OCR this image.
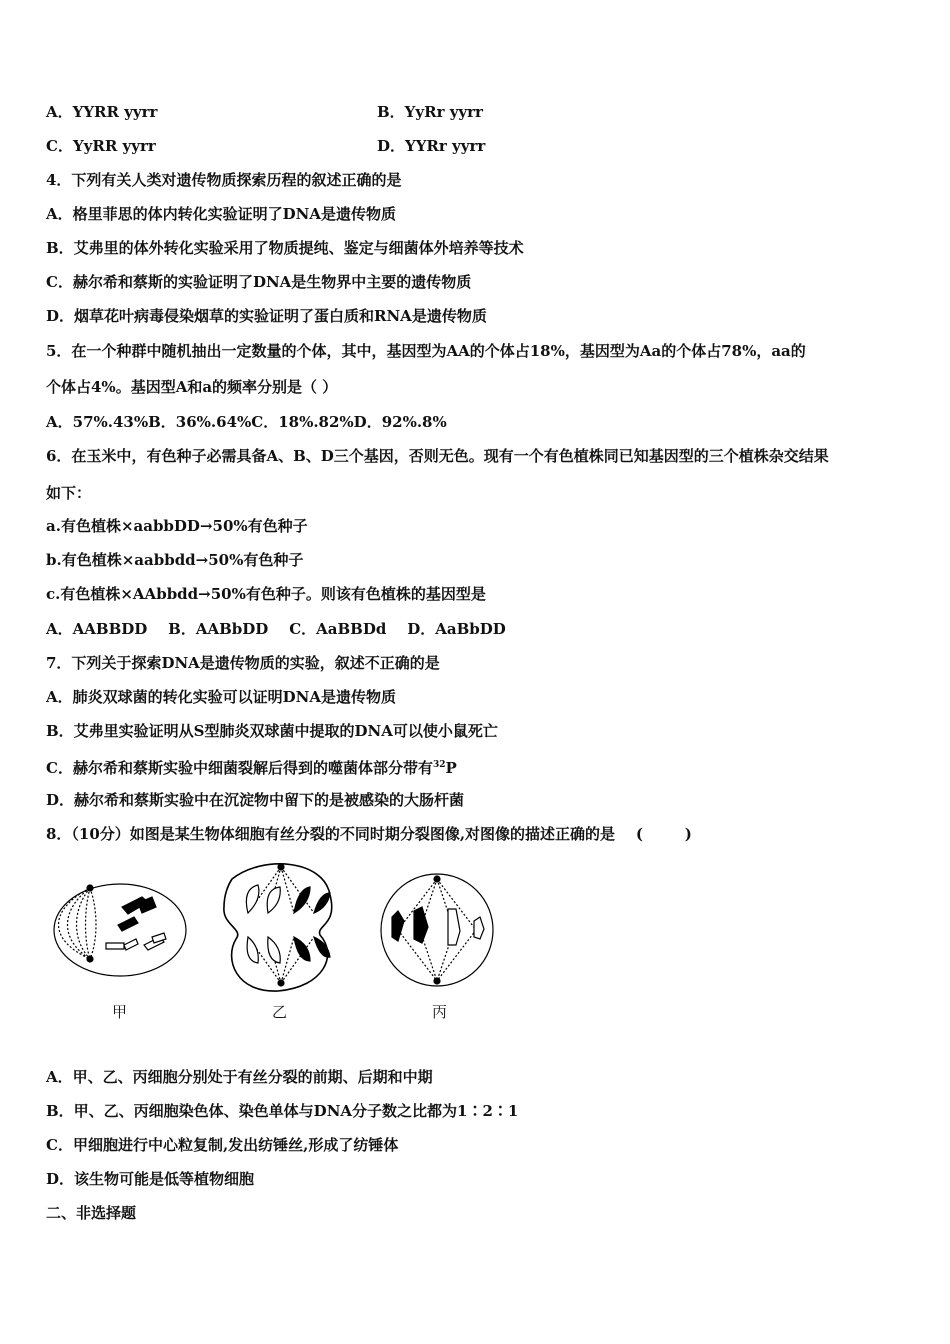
A．YYRR yyrr	B．YyRr yyrr
C．YyRR yyrr	D．YYRr yyrr
4．下列有关人类对遗传物质探索历程的叙述正确的是
A．格里菲思的体内转化实验证明了DNA是遗传物质
B．艾弗里的体外转化实验采用了物质提纯、鉴定与细菌体外培养等技术
C．赫尔希和蔡斯的实验证明了DNA是生物界中主要的遗传物质
D．烟草花叶病毒侵染烟草的实验证明了蛋白质和RNA是遗传物质
5．在一个种群中随机抽出一定数量的个体，其中，基因型为AA的个体占18%，基因型为Aa的个体占78%，aa的
个体占4%。基因型A和a的频率分别是（ ）
A．57%.43%B．36%.64%C．18%.82%D．92%.8%
6．在玉米中，有色种子必需具备A、B、D三个基因，否则无色。现有一个有色植株同已知基因型的三个植株杂交结果
如下：
a.有色植株×aabbDD→50%有色种子
b.有色植株×aabbdd→50%有色种子
c.有色植株×AAbbdd→50%有色种子。则该有色植株的基因型是
A．AABBDD    B．AABbDD    C．AaBBDd    D．AaBbDD
7．下列关于探索DNA是遗传物质的实验，叙述不正确的是
A．肺炎双球菌的转化实验可以证明DNA是遗传物质
B．艾弗里实验证明从S型肺炎双球菌中提取的DNA可以使小鼠死亡
C．赫尔希和蔡斯实验中细菌裂解后得到的噬菌体部分带有$^{32}$P
D．赫尔希和蔡斯实验中在沉淀物中留下的是被感染的大肠杆菌
8．（10分）如图是某生物体细胞有丝分裂的不同时期分裂图像,对图像的描述正确的是    (        )
甲	乙	丙
A．甲、乙、丙细胞分别处于有丝分裂的前期、后期和中期
B．甲、乙、丙细胞染色体、染色单体与DNA分子数之比都为1∶2∶1
C．甲细胞进行中心粒复制,发出纺锤丝,形成了纺锤体
D．该生物可能是低等植物细胞
二、非选择题
